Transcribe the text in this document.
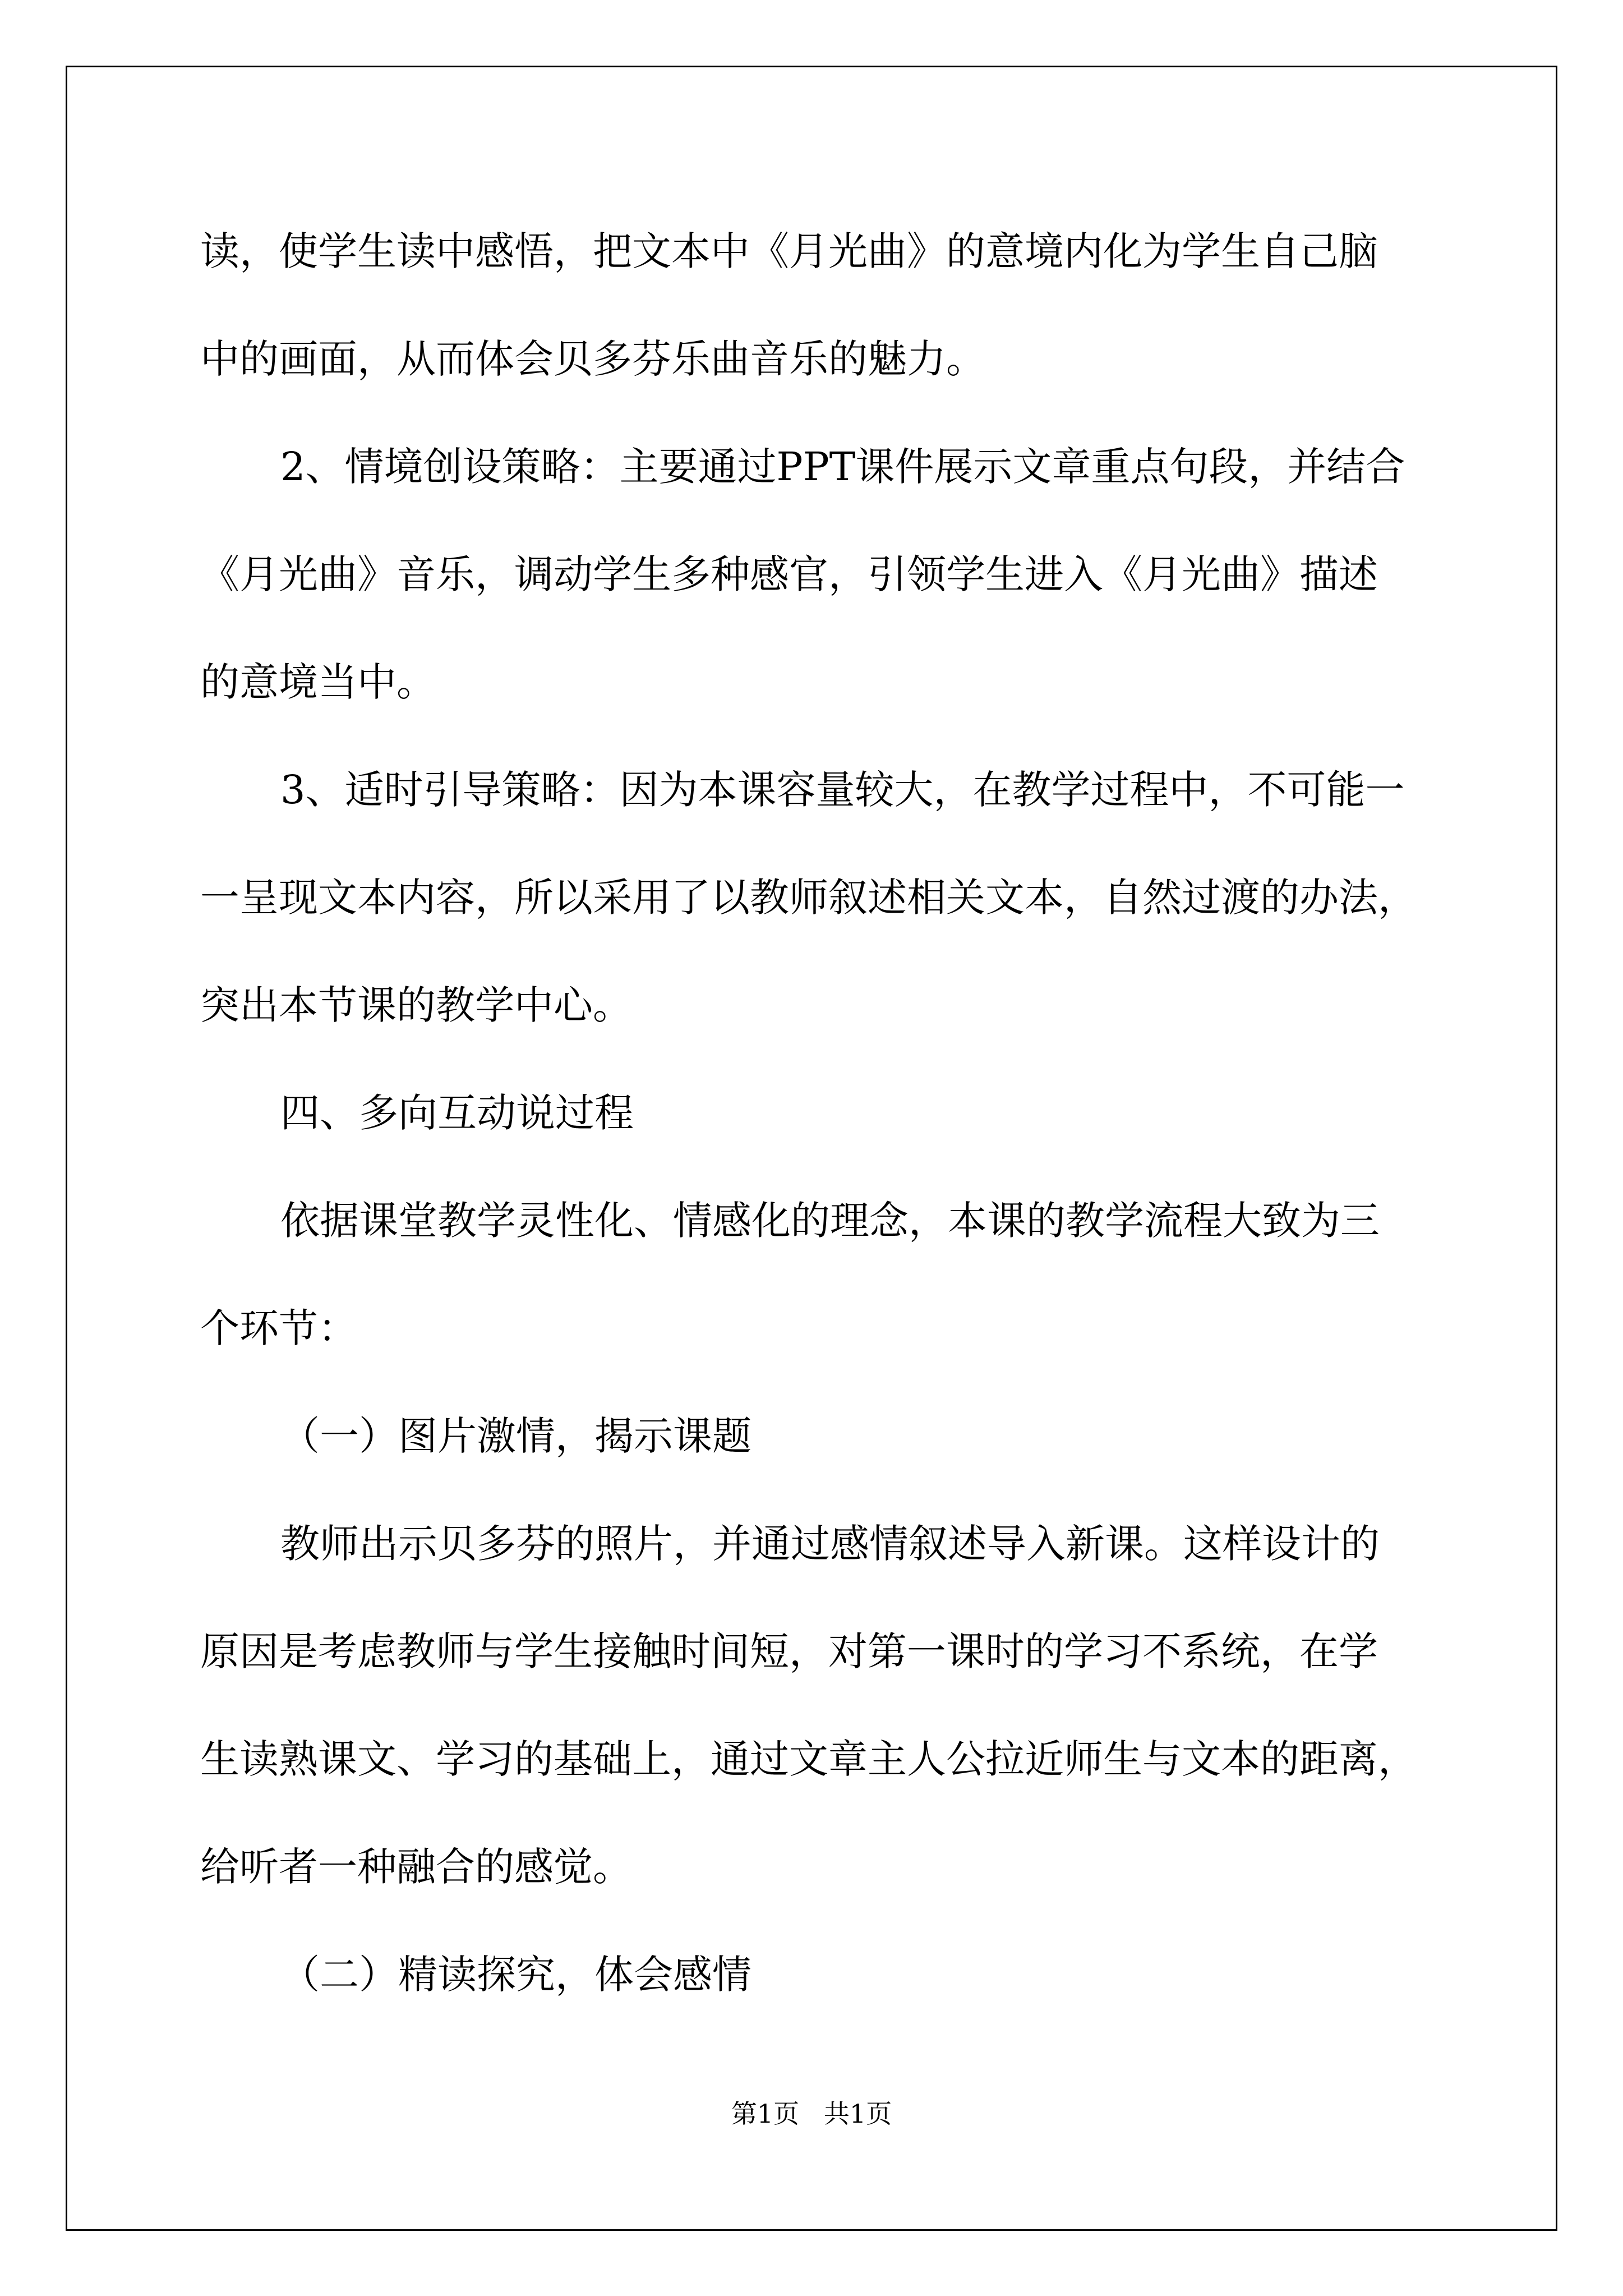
读，使学生读中感悟，把文本中《月光曲》的意境内化为学生自己脑
中的画面，从而体会贝多芬乐曲音乐的魅力。
2、情境创设策略：主要通过PPT课件展示文章重点句段，并结合
《月光曲》音乐，调动学生多种感官，引领学生进入《月光曲》描述
的意境当中。
3、适时引导策略：因为本课容量较大，在教学过程中，不可能一
一呈现文本内容，所以采用了以教师叙述相关文本，自然过渡的办法，
突出本节课的教学中心。
四、多向互动说过程
依据课堂教学灵性化、情感化的理念，本课的教学流程大致为三
个环节：
（一）图片激情，揭示课题
教师出示贝多芬的照片，并通过感情叙述导入新课。这样设计的
原因是考虑教师与学生接触时间短，对第一课时的学习不系统，在学
生读熟课文、学习的基础上，通过文章主人公拉近师生与文本的距离，
给听者一种融合的感觉。
（二）精读探究，体会感情
第1页   共1页
